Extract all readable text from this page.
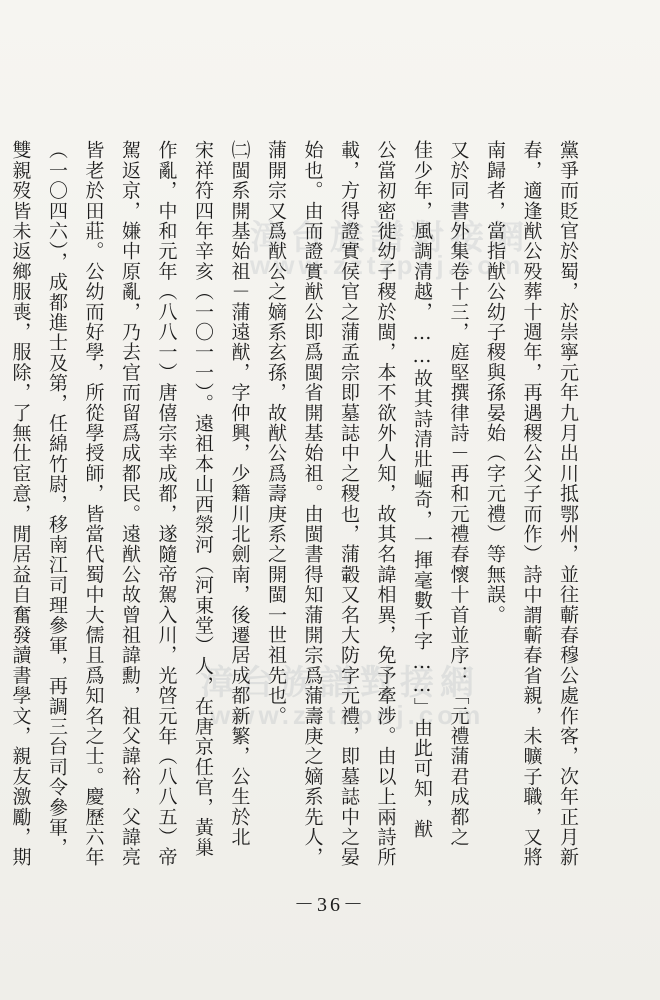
漳台族譜對接網
www.zztzpdj.com
漳台族譜對接網
www.zztzpdj.com	黨爭而貶官於蜀，於崇寧元年九月出川抵鄂州，並往蘄春穆公處作客，次年正月新
春，適逢猷公殁葬十週年，再遇稷公父子而作）詩中謂蘄春省親，未曠子職，又將
南歸者，當指猷公幼子稷與孫晏始（字元禮）等無誤。
又於同書外集卷十三，庭堅撰律詩－再和元禮春懷十首並序：「元禮蒲君成都之
佳少年，風調清越，……故其詩清壯崛奇，一揮毫數千字……」由此可知，猷
公當初密徙幼子稷於閩，本不欲外人知，故其名諱相異，免予牽涉。由以上兩詩所
載，方得證實侯官之蒲孟宗即墓誌中之稷也，蒲轂又名大防字元禮，即墓誌中之晏
始也。由而證實猷公即爲閩省開基始祖。由閩書得知蒲開宗爲蒲壽庚之嫡系先人，
蒲開宗又爲猷公之嫡系玄孫，故猷公爲壽庚系之開閩一世祖先也。
㈡閩系開基始祖－蒲遠猷，字仲興，少籍川北劍南，後遷居成都新繁，公生於北
宋祥符四年辛亥（一〇一一）。遠祖本山西滎河（河東堂）人，在唐京任官，黃巢
作亂，中和元年（八八一）唐僖宗幸成都，遂隨帝駕入川，光啓元年（八八五）帝
駕返京，嫌中原亂，乃去官而留爲成都民。遠猷公故曾祖諱勳，祖父諱裕，父諱亮
皆老於田莊。公幼而好學，所從學授師，皆當代蜀中大儒且爲知名之士。慶歷六年
（一〇四六），成都進士及第，任綿竹尉，移南江司理參軍，再調三台司令參軍，
雙親歿皆未返鄉服喪，服除，了無仕宦意，閒居益自奮發讀書學文，親友激勵，期
－36－
